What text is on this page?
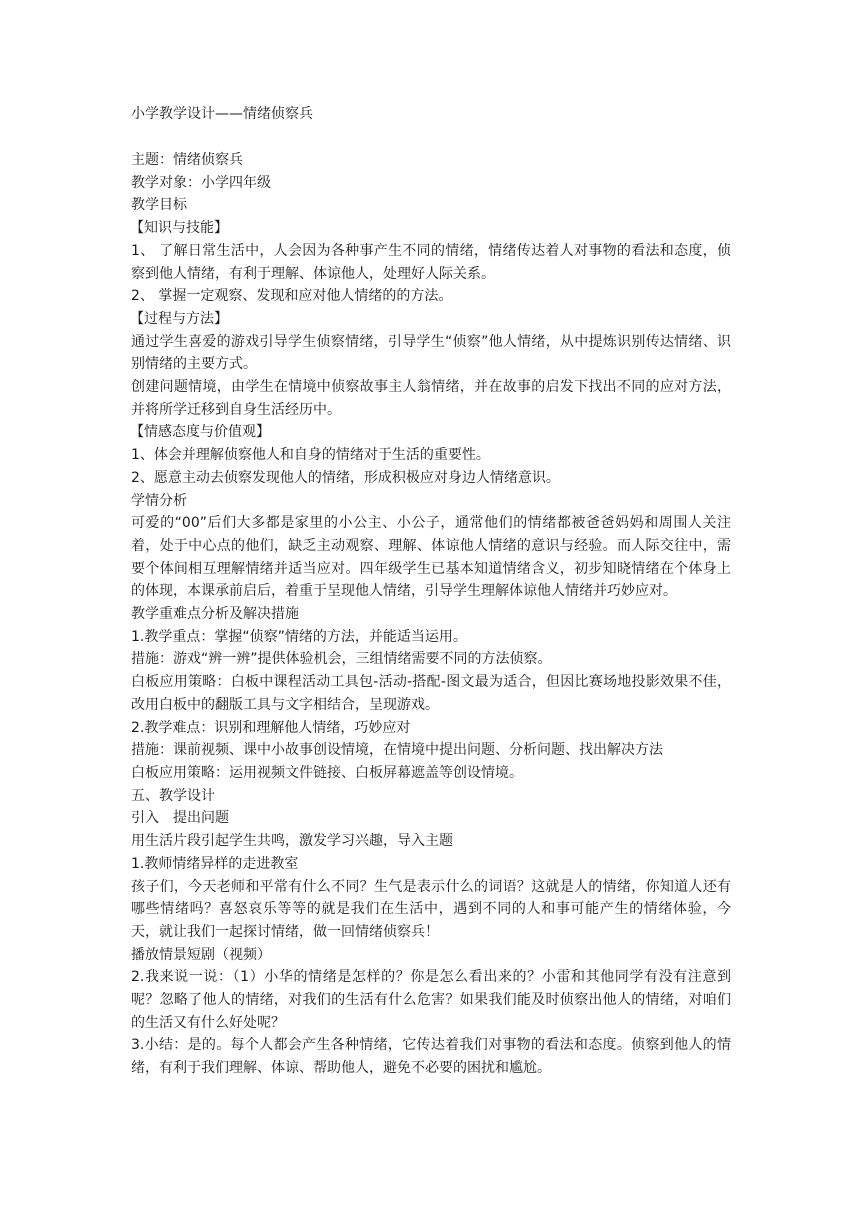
小学教学设计——情绪侦察兵

主题：情绪侦察兵

教学对象：小学四年级

教学目标

【知识与技能】

1、 了解日常生活中，人会因为各种事产生不同的情绪，情绪传达着人对事物的看法和态度，侦察到他人情绪，有利于理解、体谅他人，处理好人际关系。

2、 掌握一定观察、发现和应对他人情绪的的方法。

【过程与方法】

通过学生喜爱的游戏引导学生侦察情绪，引导学生“侦察”他人情绪，从中提炼识别传达情绪、识别情绪的主要方式。

创建问题情境，由学生在情境中侦察故事主人翁情绪，并在故事的启发下找出不同的应对方法，并将所学迁移到自身生活经历中。

【情感态度与价值观】

1、体会并理解侦察他人和自身的情绪对于生活的重要性。

2、愿意主动去侦察发现他人的情绪，形成积极应对身边人情绪意识。

学情分析

可爱的“00”后们大多都是家里的小公主、小公子，通常他们的情绪都被爸爸妈妈和周围人关注着，处于中心点的他们，缺乏主动观察、理解、体谅他人情绪的意识与经验。而人际交往中，需要个体间相互理解情绪并适当应对。四年级学生已基本知道情绪含义，初步知晓情绪在个体身上的体现，本课承前启后，着重于呈现他人情绪，引导学生理解体谅他人情绪并巧妙应对。

教学重难点分析及解决措施

1.教学重点：掌握“侦察”情绪的方法，并能适当运用。

措施：游戏“辨一辨”提供体验机会，三组情绪需要不同的方法侦察。

白板应用策略：白板中课程活动工具包-活动-搭配-图文最为适合，但因比赛场地投影效果不佳，改用白板中的翻版工具与文字相结合，呈现游戏。

2.教学难点：识别和理解他人情绪，巧妙应对

措施：课前视频、课中小故事创设情境，在情境中提出问题、分析问题、找出解决方法

白板应用策略：运用视频文件链接、白板屏幕遮盖等创设情境。

五、教学设计

引入　提出问题

用生活片段引起学生共鸣，激发学习兴趣，导入主题

1.教师情绪异样的走进教室

孩子们，今天老师和平常有什么不同？生气是表示什么的词语？这就是人的情绪，你知道人还有哪些情绪吗？喜怒哀乐等等的就是我们在生活中，遇到不同的人和事可能产生的情绪体验，今天，就让我们一起探讨情绪，做一回情绪侦察兵！

播放情景短剧（视频）

2.我来说一说：（1）小华的情绪是怎样的？你是怎么看出来的？小雷和其他同学有没有注意到呢？忽略了他人的情绪，对我们的生活有什么危害？如果我们能及时侦察出他人的情绪，对咱们的生活又有什么好处呢？

3.小结：是的。每个人都会产生各种情绪，它传达着我们对事物的看法和态度。侦察到他人的情绪，有利于我们理解、体谅、帮助他人，避免不必要的困扰和尴尬。
